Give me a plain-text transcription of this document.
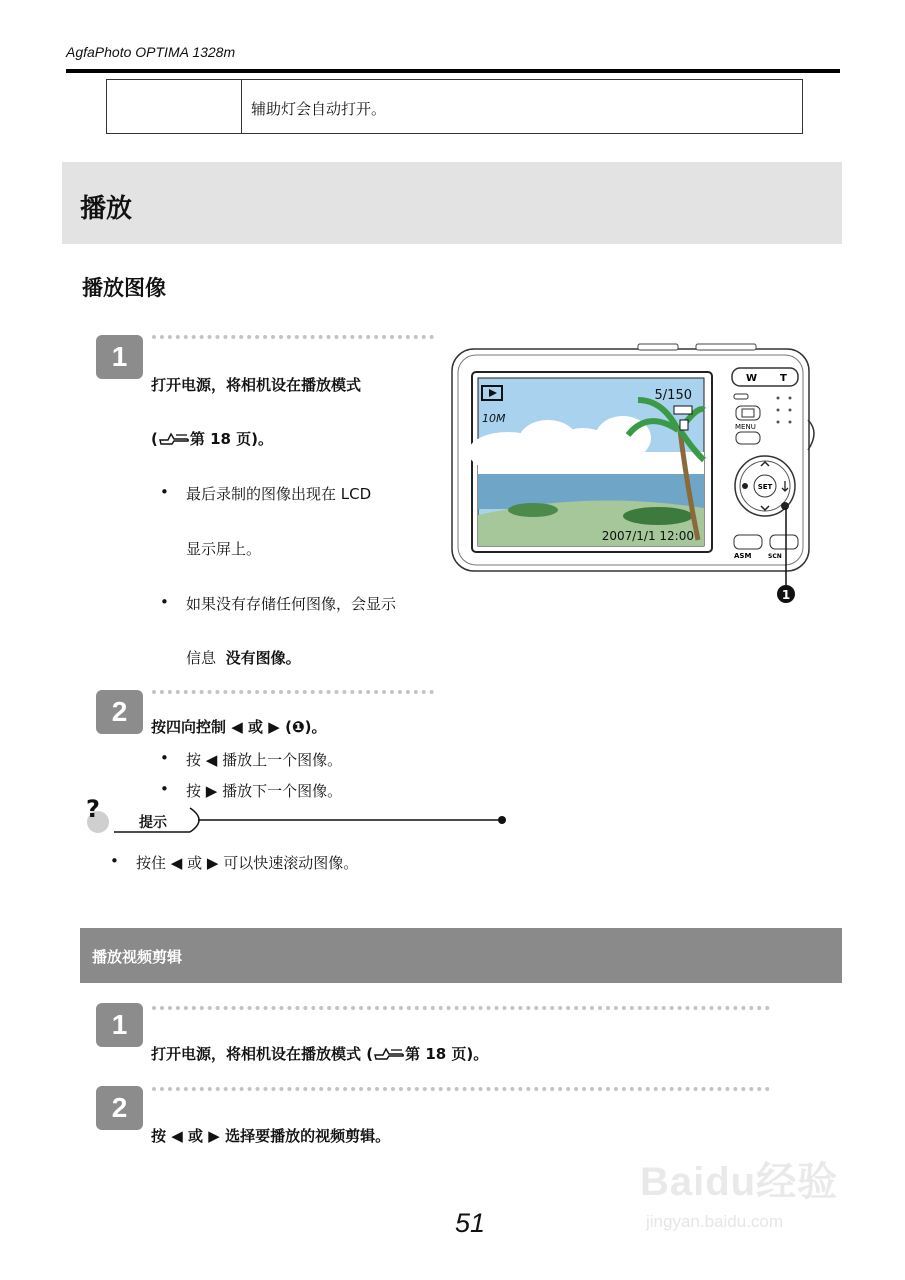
AgfaPhoto OPTIMA 1328m
辅助灯会自动打开。
播放
播放图像
1
打开电源，将相机设在播放模式
( 第 18 页)。
• 最后录制的图像出现在 LCD
显示屏上。
• 如果没有存储任何图像，会显示
信息 没有图像。
5/150
10M
2007/1/1 12:00
W T
MENU
SET
ASM	SCN
1
2	按四向控制 ◀ 或 ▶ (❶)。
• 按 ◀ 播放上一个图像。
• 按 ▶ 播放下一个图像。
?	提示
• 按住 ◀ 或 ▶ 可以快速滚动图像。
播放视频剪辑
1
打开电源，将相机设在播放模式 ( 第 18 页)。
2
按 ◀ 或 ▶ 选择要播放的视频剪辑。
Baidu经验
jingyan.baidu.com
51
